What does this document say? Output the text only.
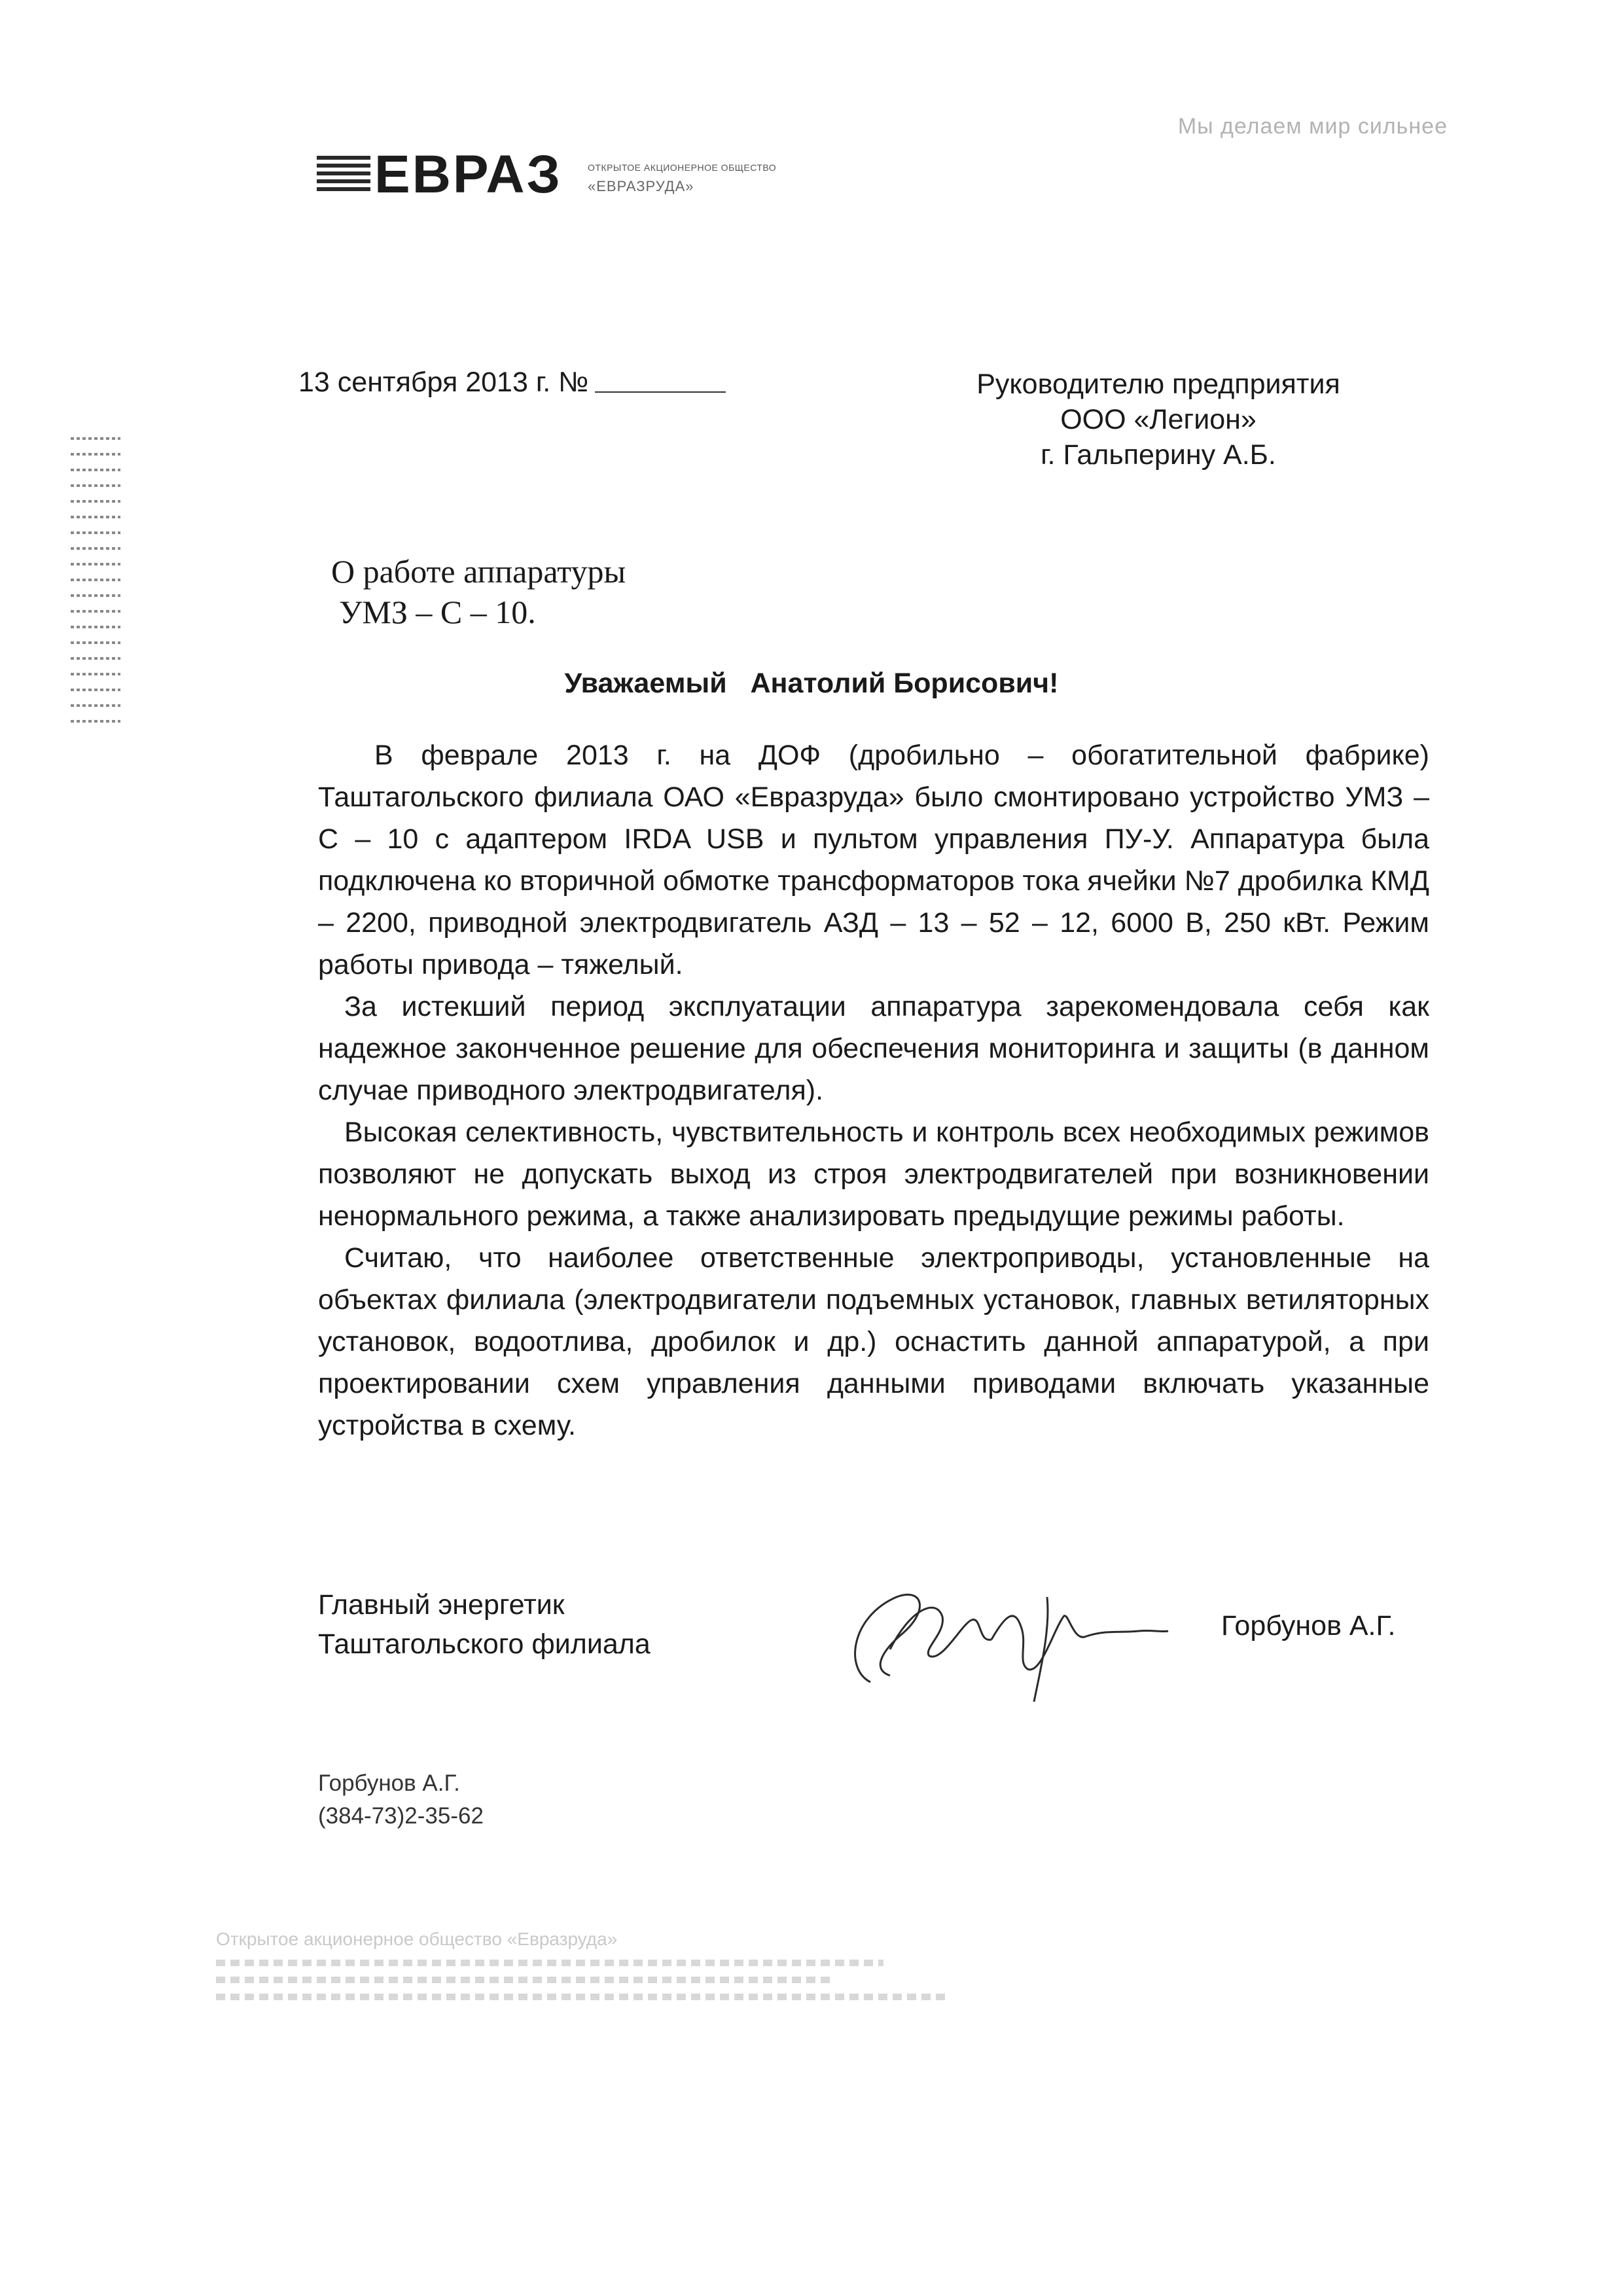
Мы делаем мир сильнее
ЕВРАЗ	ОТКРЫТОЕ АКЦИОНЕРНОЕ ОБЩЕСТВО
«ЕВРАЗРУДА»
13 сентября 2013 г. №	Руководителю предприятия
ООО «Легион»
г. Гальперину А.Б.
О работе аппаратуры
УМЗ – С – 10.
Уважаемый   Анатолий Борисович!

В феврале 2013 г. на ДОФ (дробильно – обогатительной фабрике) Таштагольского филиала ОАО «Евразруда» было смонтировано устройство УМЗ – С – 10 с адаптером IRDA USB и пультом управления ПУ-У. Аппаратура была подключена ко вторичной обмотке трансформаторов тока ячейки №7 дробилка КМД – 2200, приводной электродвигатель АЗД – 13 – 52 – 12, 6000 В, 250 кВт. Режим работы привода – тяжелый.

За истекший период эксплуатации аппаратура зарекомендовала себя как надежное законченное решение для обеспечения мониторинга и защиты (в данном случае приводного электродвигателя).

Высокая селективность, чувствительность и контроль всех необходимых режимов позволяют не допускать выход из строя электродвигателей при возникновении ненормального режима, а также анализировать предыдущие режимы работы.

Считаю, что наиболее ответственные электроприводы, установленные на объектах филиала (электродвигатели подъемных установок, главных ветиляторных установок, водоотлива, дробилок и др.) оснастить данной аппаратурой, а при проектировании схем управления данными приводами включать указанные устройства в схему.

Главный энергетик
Таштагольского филиала
Горбунов А.Г.
Горбунов А.Г.
(384-73)2-35-62
Открытое акционерное общество «Евразруда»
